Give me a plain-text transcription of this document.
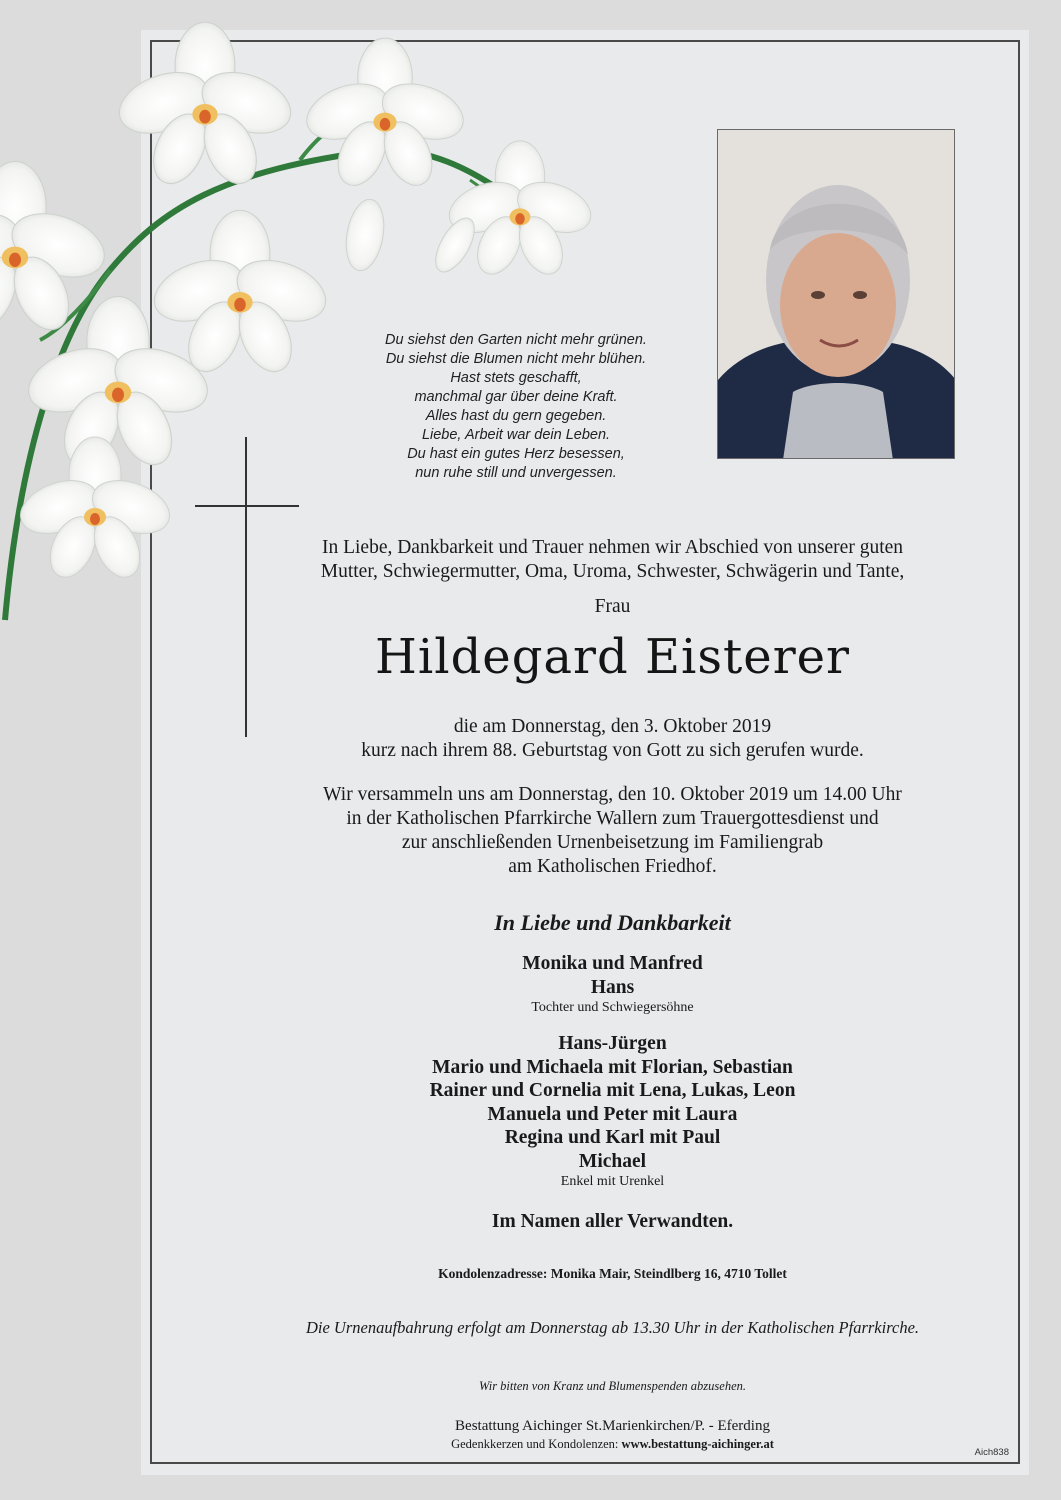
Du siehst den Garten nicht mehr grünen.
Du siehst die Blumen nicht mehr blühen.
Hast stets geschafft,
manchmal gar über deine Kraft.
Alles hast du gern gegeben.
Liebe, Arbeit war dein Leben.
Du hast ein gutes Herz besessen,
nun ruhe still und unvergessen.
In Liebe, Dankbarkeit und Trauer nehmen wir Abschied von unserer guten
Mutter, Schwiegermutter, Oma, Uroma, Schwester, Schwägerin und Tante,
Frau
Hildegard Eisterer
die am Donnerstag, den 3. Oktober 2019
kurz nach ihrem 88. Geburtstag von Gott zu sich gerufen wurde.
Wir versammeln uns am Donnerstag, den 10. Oktober 2019 um 14.00 Uhr
in der Katholischen Pfarrkirche Wallern zum Trauergottesdienst und
zur anschließenden Urnenbeisetzung im Familiengrab
am Katholischen Friedhof.
In Liebe und Dankbarkeit
Monika und Manfred
Hans
Tochter und Schwiegersöhne
Hans-Jürgen
Mario und Michaela mit Florian, Sebastian
Rainer und Cornelia mit Lena, Lukas, Leon
Manuela und Peter mit Laura
Regina und Karl mit Paul
Michael
Enkel mit Urenkel
Im Namen aller Verwandten.
Kondolenzadresse: Monika Mair, Steindlberg 16, 4710 Tollet
Die Urnenaufbahrung erfolgt am Donnerstag ab 13.30 Uhr in der Katholischen Pfarrkirche.
Wir bitten von Kranz und Blumenspenden abzusehen.
Bestattung Aichinger St.Marienkirchen/P. - Eferding
Gedenkkerzen und Kondolenzen: www.bestattung-aichinger.at
Aich838
